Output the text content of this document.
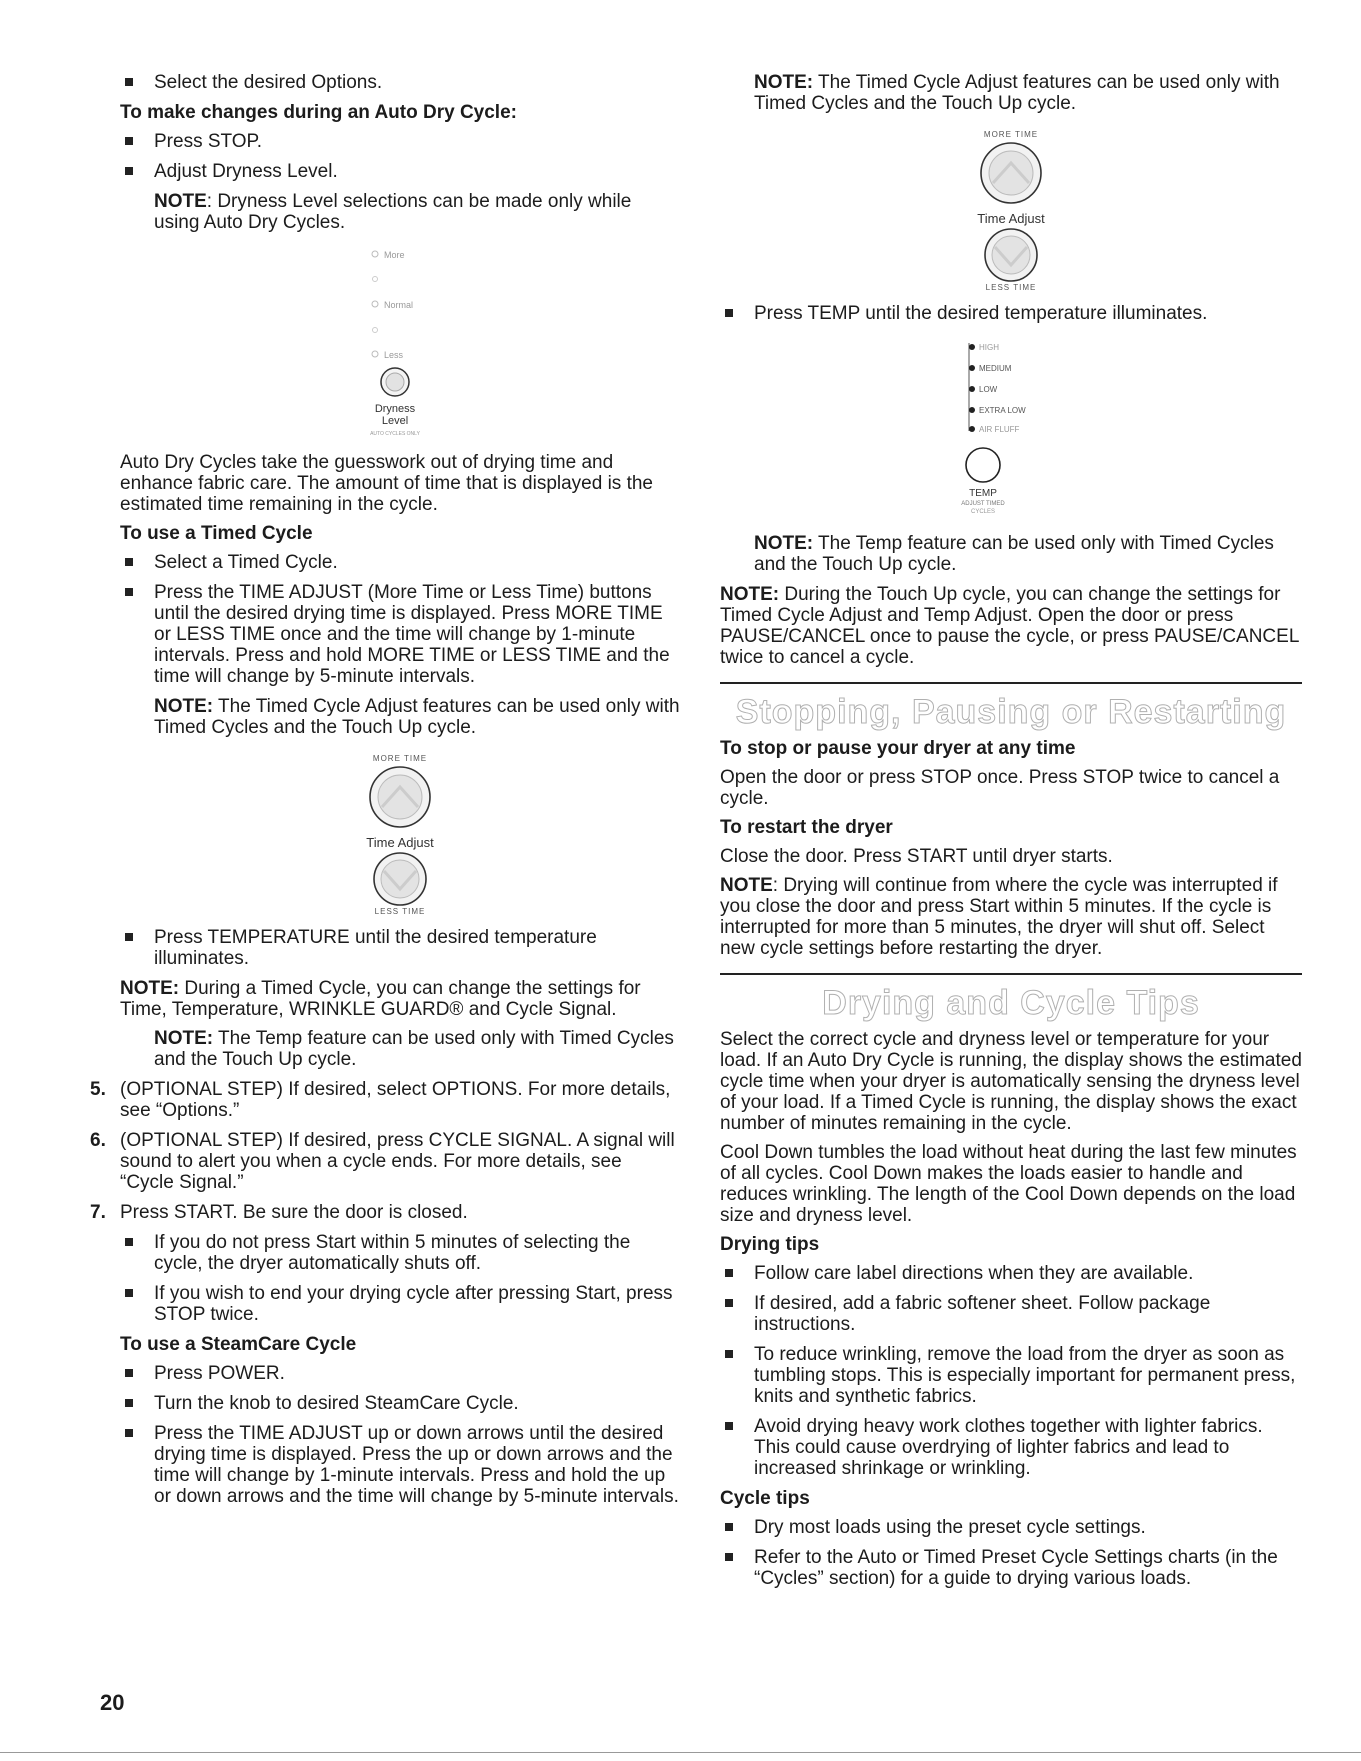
Select the desired Options.
To make changes during an Auto Dry Cycle:
Press STOP.
Adjust Dryness Level.
NOTE: Dryness Level selections can be made only while using Auto Dry Cycles.
More
Normal
Less
Dryness
Level
AUTO CYCLES ONLY

Auto Dry Cycles take the guesswork out of drying time and enhance fabric care. The amount of time that is displayed is the estimated time remaining in the cycle.

To use a Timed Cycle
Select a Timed Cycle.
Press the TIME ADJUST (More Time or Less Time) buttons until the desired drying time is displayed. Press MORE TIME or LESS TIME once and the time will change by 1-minute intervals. Press and hold MORE TIME or LESS TIME and the time will change by 5-minute intervals.
NOTE: The Timed Cycle Adjust features can be used only with Timed Cycles and the Touch Up cycle.
MORE TIME
Time Adjust
LESS TIME
Press TEMPERATURE until the desired temperature illuminates.

NOTE: During a Timed Cycle, you can change the settings for Time, Temperature, WRINKLE GUARD® and Cycle Signal.

NOTE: The Temp feature can be used only with Timed Cycles and the Touch Up cycle.
5. (OPTIONAL STEP) If desired, select OPTIONS. For more details, see “Options.”
6. (OPTIONAL STEP) If desired, press CYCLE SIGNAL. A signal will sound to alert you when a cycle ends. For more details, see “Cycle Signal.”
7. Press START. Be sure the door is closed.
If you do not press Start within 5 minutes of selecting the cycle, the dryer automatically shuts off.
If you wish to end your drying cycle after pressing Start, press STOP twice.
To use a SteamCare Cycle
Press POWER.
Turn the knob to desired SteamCare Cycle.
Press the TIME ADJUST up or down arrows until the desired drying time is displayed. Press the up or down arrows and the time will change by 1-minute intervals. Press and hold the up or down arrows and the time will change by 5-minute intervals.
NOTE: The Timed Cycle Adjust features can be used only with Timed Cycles and the Touch Up cycle.
MORE TIME
Time Adjust
LESS TIME
Press TEMP until the desired temperature illuminates.
HIGH
MEDIUM
LOW
EXTRA LOW
AIR FLUFF
TEMP
ADJUST TIMED
CYCLES
NOTE: The Temp feature can be used only with Timed Cycles and the Touch Up cycle.

NOTE: During the Touch Up cycle, you can change the settings for Timed Cycle Adjust and Temp Adjust. Open the door or press PAUSE/CANCEL once to pause the cycle, or press PAUSE/CANCEL twice to cancel a cycle.

Stopping, Pausing or Restarting
To stop or pause your dryer at any time

Open the door or press STOP once. Press STOP twice to cancel a cycle.

To restart the dryer

Close the door. Press START until dryer starts.

NOTE: Drying will continue from where the cycle was interrupted if you close the door and press Start within 5 minutes. If the cycle is interrupted for more than 5 minutes, the dryer will shut off. Select new cycle settings before restarting the dryer.

Drying and Cycle Tips

Select the correct cycle and dryness level or temperature for your load. If an Auto Dry Cycle is running, the display shows the estimated cycle time when your dryer is automatically sensing the dryness level of your load. If a Timed Cycle is running, the display shows the exact number of minutes remaining in the cycle.

Cool Down tumbles the load without heat during the last few minutes of all cycles. Cool Down makes the loads easier to handle and reduces wrinkling. The length of the Cool Down depends on the load size and dryness level.

Drying tips
Follow care label directions when they are available.
If desired, add a fabric softener sheet. Follow package instructions.
To reduce wrinkling, remove the load from the dryer as soon as tumbling stops. This is especially important for permanent press, knits and synthetic fabrics.
Avoid drying heavy work clothes together with lighter fabrics. This could cause overdrying of lighter fabrics and lead to increased shrinkage or wrinkling.
Cycle tips
Dry most loads using the preset cycle settings.
Refer to the Auto or Timed Preset Cycle Settings charts (in the “Cycles” section) for a guide to drying various loads.
20
